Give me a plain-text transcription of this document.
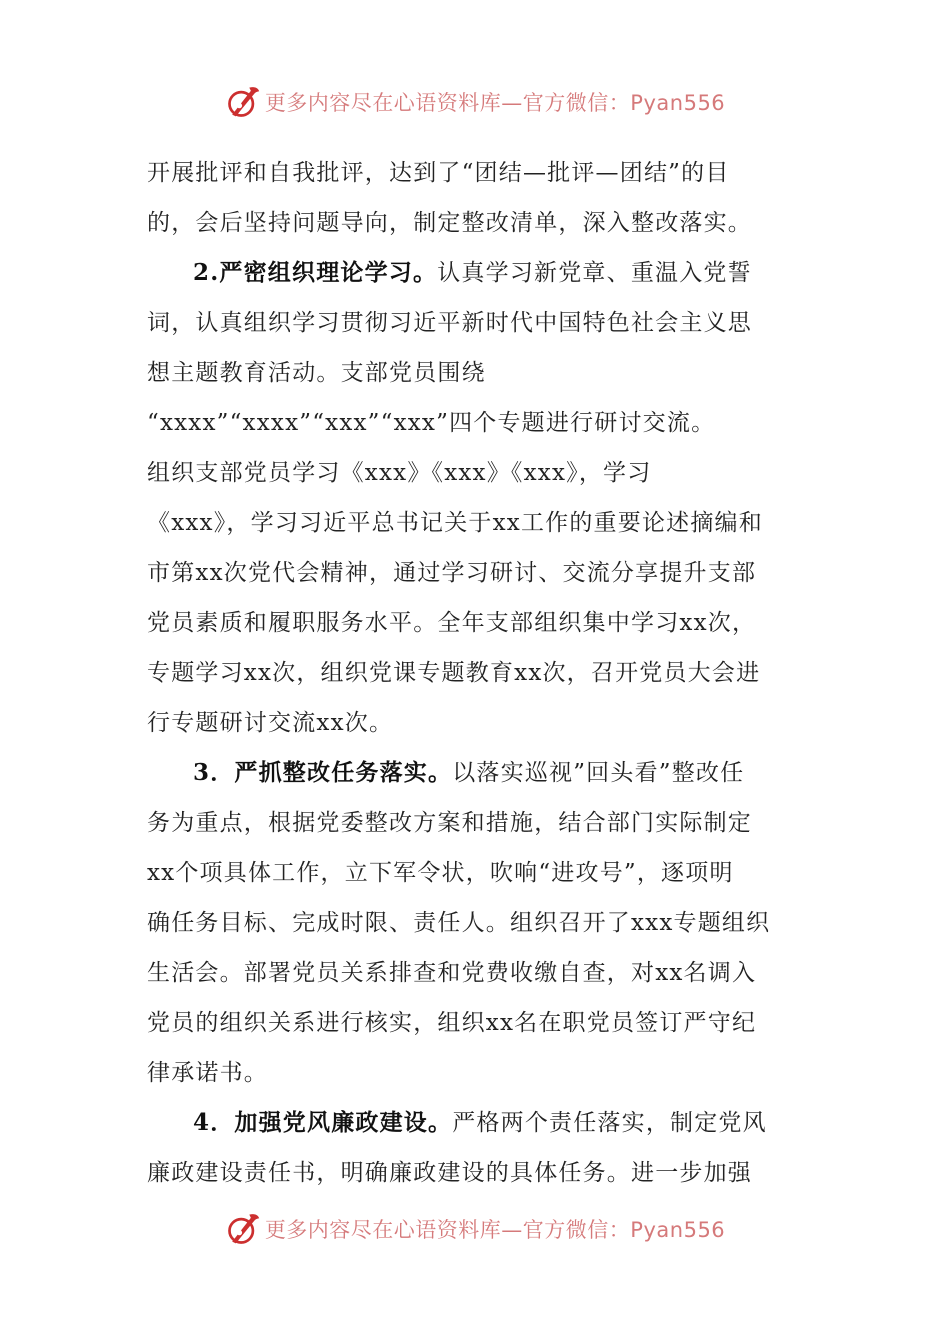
更多内容尽在心语资料库—官方微信：Pyan556
开展批评和自我批评，达到了“团结—批评—团结”的目
的，会后坚持问题导向，制定整改清单，深入整改落实。
2.严密组织理论学习。认真学习新党章、重温入党誓
词，认真组织学习贯彻习近平新时代中国特色社会主义思
想主题教育活动。支部党员围绕
“xxxx”“xxxx”“xxx”“xxx”四个专题进行研讨交流。
组织支部党员学习《xxx》《xxx》《xxx》，学习
《xxx》，学习习近平总书记关于xx工作的重要论述摘编和
市第xx次党代会精神，通过学习研讨、交流分享提升支部
党员素质和履职服务水平。全年支部组织集中学习xx次，
专题学习xx次，组织党课专题教育xx次，召开党员大会进
行专题研讨交流xx次。
3．严抓整改任务落实。以落实巡视”回头看”整改任
务为重点，根据党委整改方案和措施，结合部门实际制定
xx个项具体工作，立下军令状，吹响“进攻号”，逐项明
确任务目标、完成时限、责任人。组织召开了xxx专题组织
生活会。部署党员关系排查和党费收缴自查，对xx名调入
党员的组织关系进行核实，组织xx名在职党员签订严守纪
律承诺书。
4．加强党风廉政建设。严格两个责任落实，制定党风
廉政建设责任书，明确廉政建设的具体任务。进一步加强
更多内容尽在心语资料库—官方微信：Pyan556
